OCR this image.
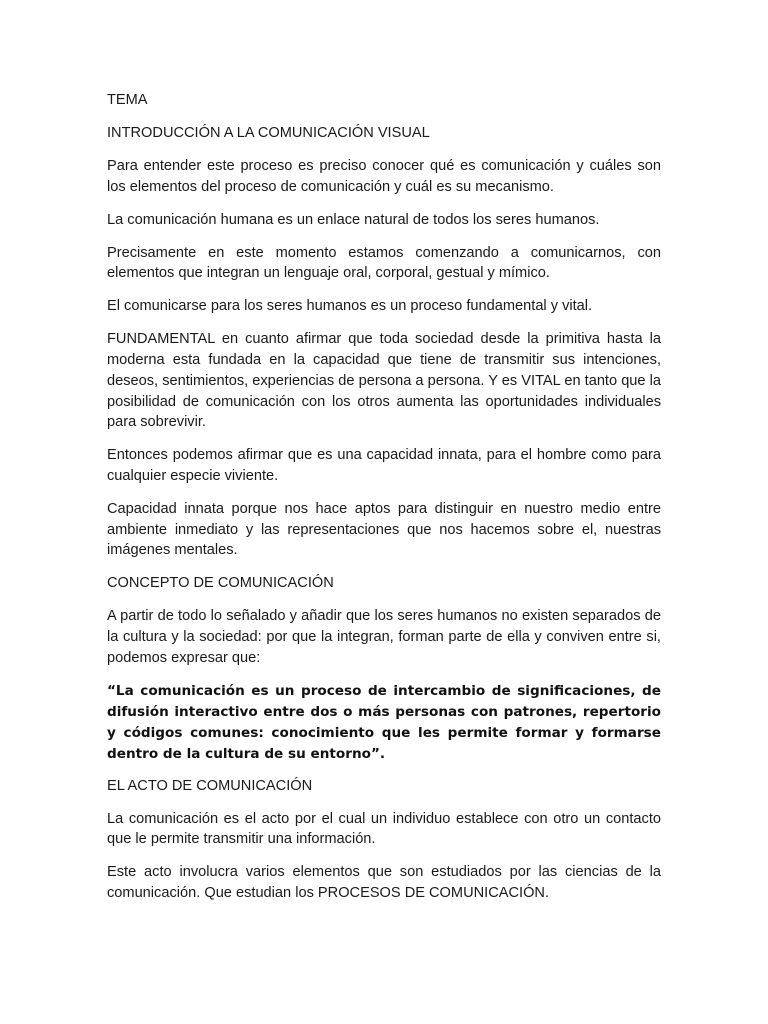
TEMA

INTRODUCCIÓN A LA COMUNICACIÓN VISUAL

Para entender este proceso es preciso conocer qué es comunicación y cuáles son los elementos del proceso de comunicación y cuál es su mecanismo.

La comunicación humana es un enlace natural de todos los seres humanos.

Precisamente en este momento estamos comenzando a comunicarnos, con elementos que integran un lenguaje oral, corporal, gestual y mímico.

El comunicarse para los seres humanos es un proceso fundamental y vital.

FUNDAMENTAL en cuanto afirmar que toda sociedad desde la primitiva hasta la moderna esta fundada en la capacidad que tiene de transmitir sus intenciones, deseos, sentimientos, experiencias de persona a persona. Y es VITAL en tanto que la posibilidad de comunicación con los otros aumenta las oportunidades individuales para sobrevivir.

Entonces podemos afirmar que es una capacidad innata, para el hombre como para cualquier especie viviente.

Capacidad innata porque nos hace aptos para distinguir en nuestro medio entre ambiente inmediato y las representaciones que nos hacemos sobre el, nuestras imágenes mentales.

CONCEPTO DE COMUNICACIÓN

A partir de todo lo señalado y añadir que los seres humanos no existen separados de la cultura y la sociedad: por que la integran, forman parte de ella y conviven entre si, podemos expresar que:

“La comunicación es un proceso de intercambio de significaciones, de difusión interactivo entre dos o más personas con patrones, repertorio y códigos comunes: conocimiento que les permite formar y formarse dentro de la cultura de su entorno”.

EL ACTO DE COMUNICACIÓN

La comunicación es el acto por el cual un individuo establece con otro un contacto que le permite transmitir una información.

Este acto involucra varios elementos que son estudiados por las ciencias de la comunicación. Que estudian los PROCESOS DE COMUNICACIÓN.
